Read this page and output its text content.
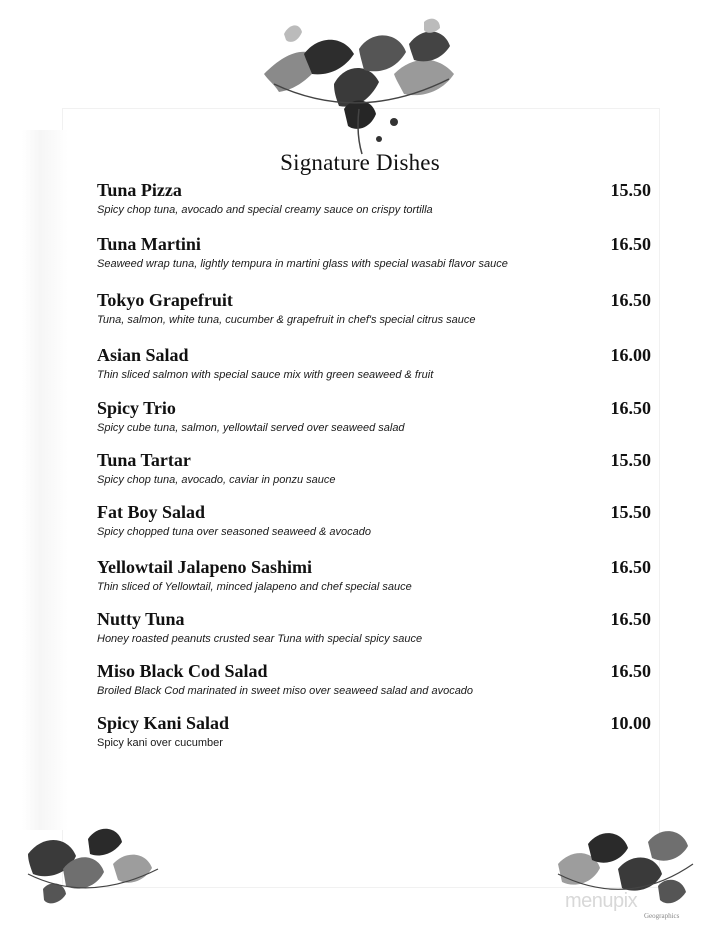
Signature Dishes
Tuna Pizza	15.50
Spicy chop tuna, avocado and special creamy sauce on crispy tortilla
Tuna Martini	16.50
Seaweed wrap tuna, lightly tempura in martini glass with special wasabi flavor sauce
Tokyo Grapefruit	16.50
Tuna, salmon, white tuna, cucumber & grapefruit in chef's special citrus sauce
Asian Salad	16.00
Thin sliced salmon with special sauce mix with green seaweed & fruit
Spicy Trio	16.50
Spicy cube tuna, salmon, yellowtail served over seaweed salad
Tuna Tartar	15.50
Spicy chop tuna, avocado, caviar in ponzu sauce
Fat Boy Salad	15.50
Spicy chopped tuna over seasoned seaweed & avocado
Yellowtail Jalapeno Sashimi	16.50
Thin sliced of Yellowtail, minced jalapeno and chef special sauce
Nutty Tuna	16.50
Honey roasted peanuts crusted sear Tuna with special spicy sauce
Miso Black Cod Salad	16.50
Broiled Black Cod marinated in sweet miso over seaweed salad and avocado
Spicy Kani Salad	10.00
Spicy kani over cucumber
menupix
Geographics
